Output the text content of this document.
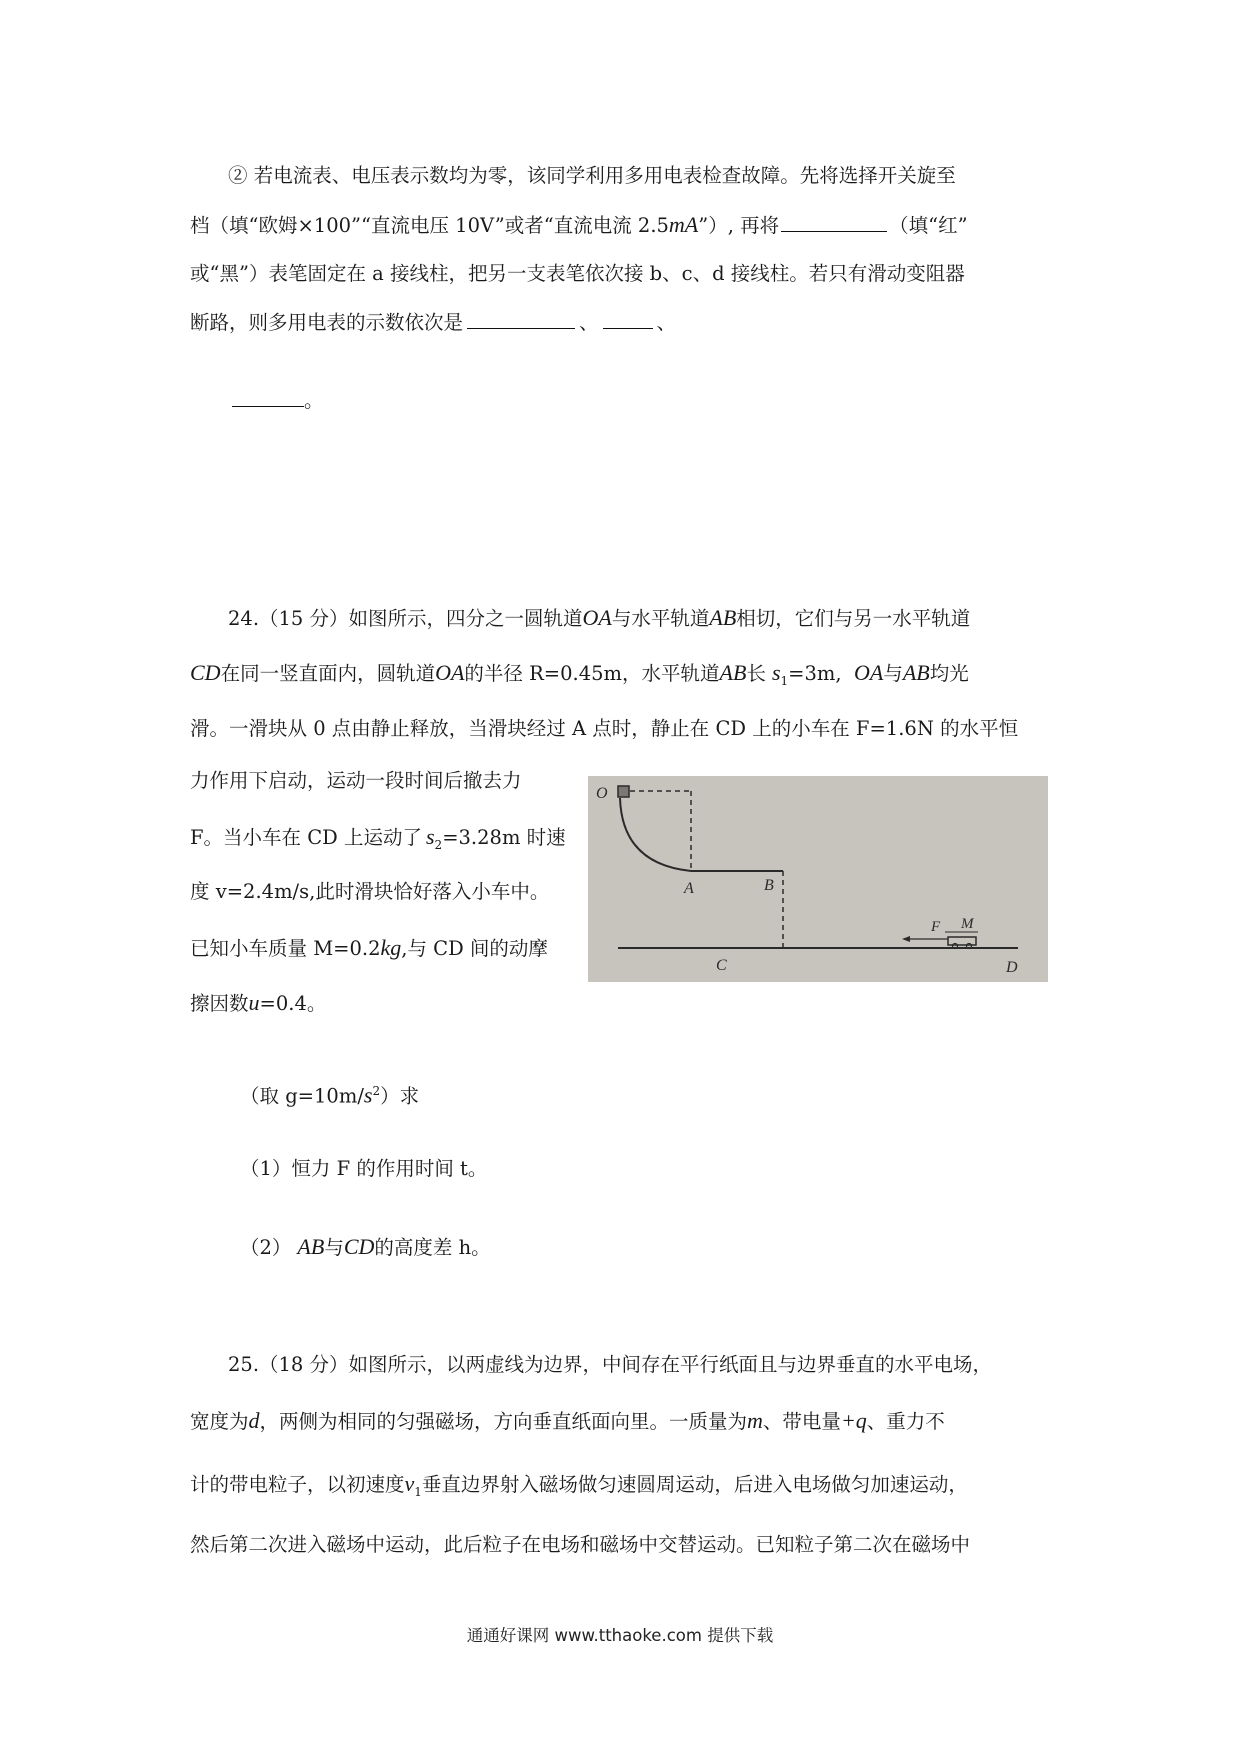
② 若电流表、电压表示数均为零，该同学利用多用电表检查故障。先将选择开关旋至
档（填“欧姆×100”“直流电压 10V”或者“直流电流 2.5mA”）, 再将	（填“红”
或“黑”）表笔固定在 a 接线柱，把另一支表笔依次接 b、c、d 接线柱。若只有滑动变阻器
断路，则多用电表的示数依次是	、	、
。
24.（15 分）如图所示，四分之一圆轨道OA与水平轨道AB相切，它们与另一水平轨道
CD在同一竖直面内，圆轨道OA的半径 R=0.45m，水平轨道AB长 $s_1=3m$, OA与AB均光
滑。一滑块从 0 点由静止释放，当滑块经过 A 点时，静止在 CD 上的小车在 F=1.6N 的水平恒
力作用下启动，运动一段时间后撤去力
F。当小车在 CD 上运动了 $s_2=3.28m$ 时速
度 v=2.4m/s,此时滑块恰好落入小车中。
已知小车质量 M=0.2kg,与 CD 间的动摩
擦因数u=0.4。
O
A	B
C	D
F M
（取 $g=10m/s^2$）求
（1）恒力 F 的作用时间 t。
（2） AB与CD的高度差 h。
25.（18 分）如图所示，以两虚线为边界，中间存在平行纸面且与边界垂直的水平电场，
宽度为d，两侧为相同的匀强磁场，方向垂直纸面向里。一质量为m、带电量+q、重力不
计的带电粒子，以初速度$v_1$垂直边界射入磁场做匀速圆周运动，后进入电场做匀加速运动，
然后第二次进入磁场中运动，此后粒子在电场和磁场中交替运动。已知粒子第二次在磁场中
通通好课网 www.tthaoke.com 提供下载
